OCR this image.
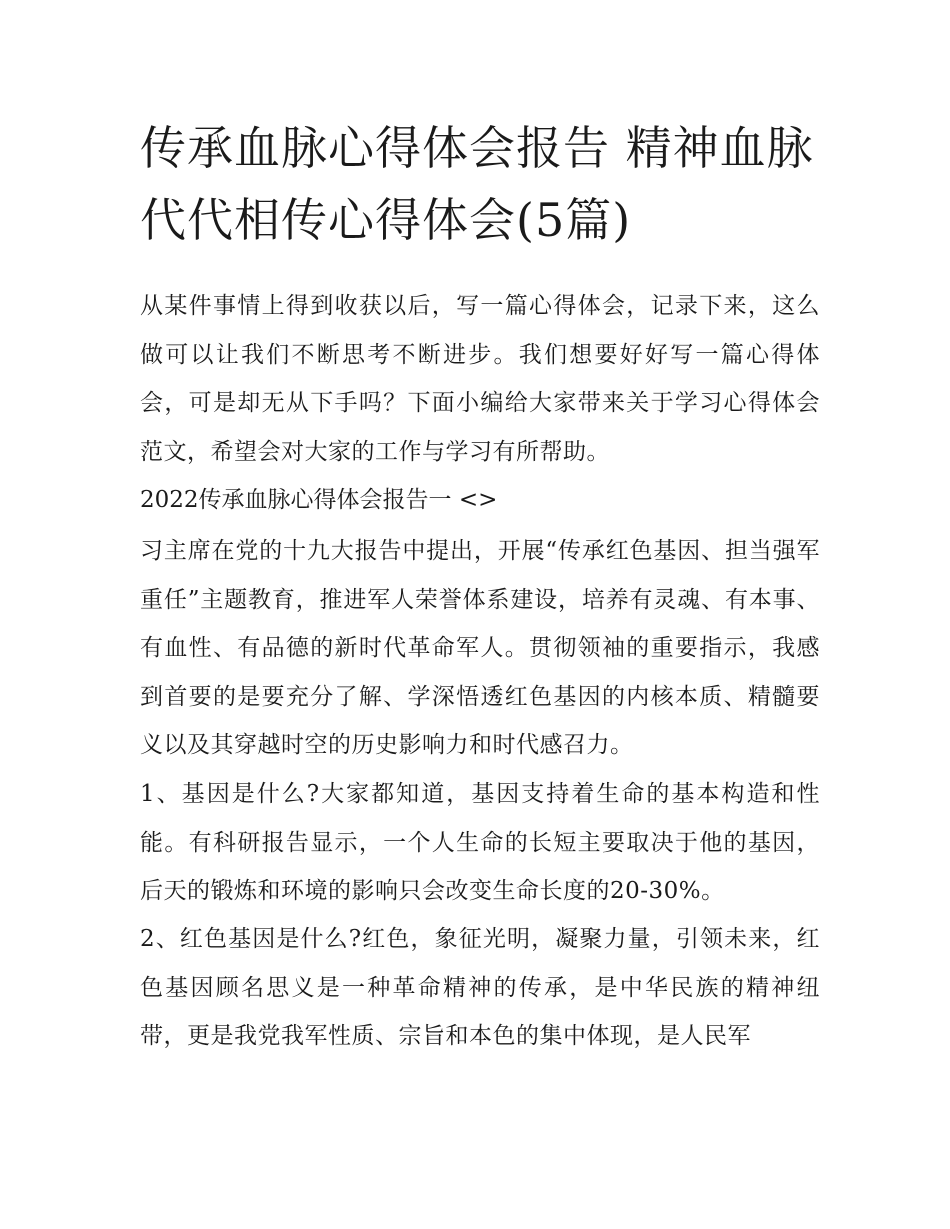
传承血脉心得体会报告 精神血脉代代相传心得体会(5篇)

从某件事情上得到收获以后，写一篇心得体会，记录下来，这么做可以让我们不断思考不断进步。我们想要好好写一篇心得体会，可是却无从下手吗？下面小编给大家带来关于学习心得体会范文，希望会对大家的工作与学习有所帮助。

2022传承血脉心得体会报告一 <>

习主席在党的十九大报告中提出，开展“传承红色基因、担当强军重任”主题教育，推进军人荣誉体系建设，培养有灵魂、有本事、有血性、有品德的新时代革命军人。贯彻领袖的重要指示，我感到首要的是要充分了解、学深悟透红色基因的内核本质、精髓要义以及其穿越时空的历史影响力和时代感召力。

1、基因是什么?大家都知道，基因支持着生命的基本构造和性能。有科研报告显示，一个人生命的长短主要取决于他的基因，后天的锻炼和环境的影响只会改变生命长度的20-30%。

2、红色基因是什么?红色，象征光明，凝聚力量，引领未来，红色基因顾名思义是一种革命精神的传承，是中华民族的精神纽带，更是我党我军性质、宗旨和本色的集中体现，是人民军
